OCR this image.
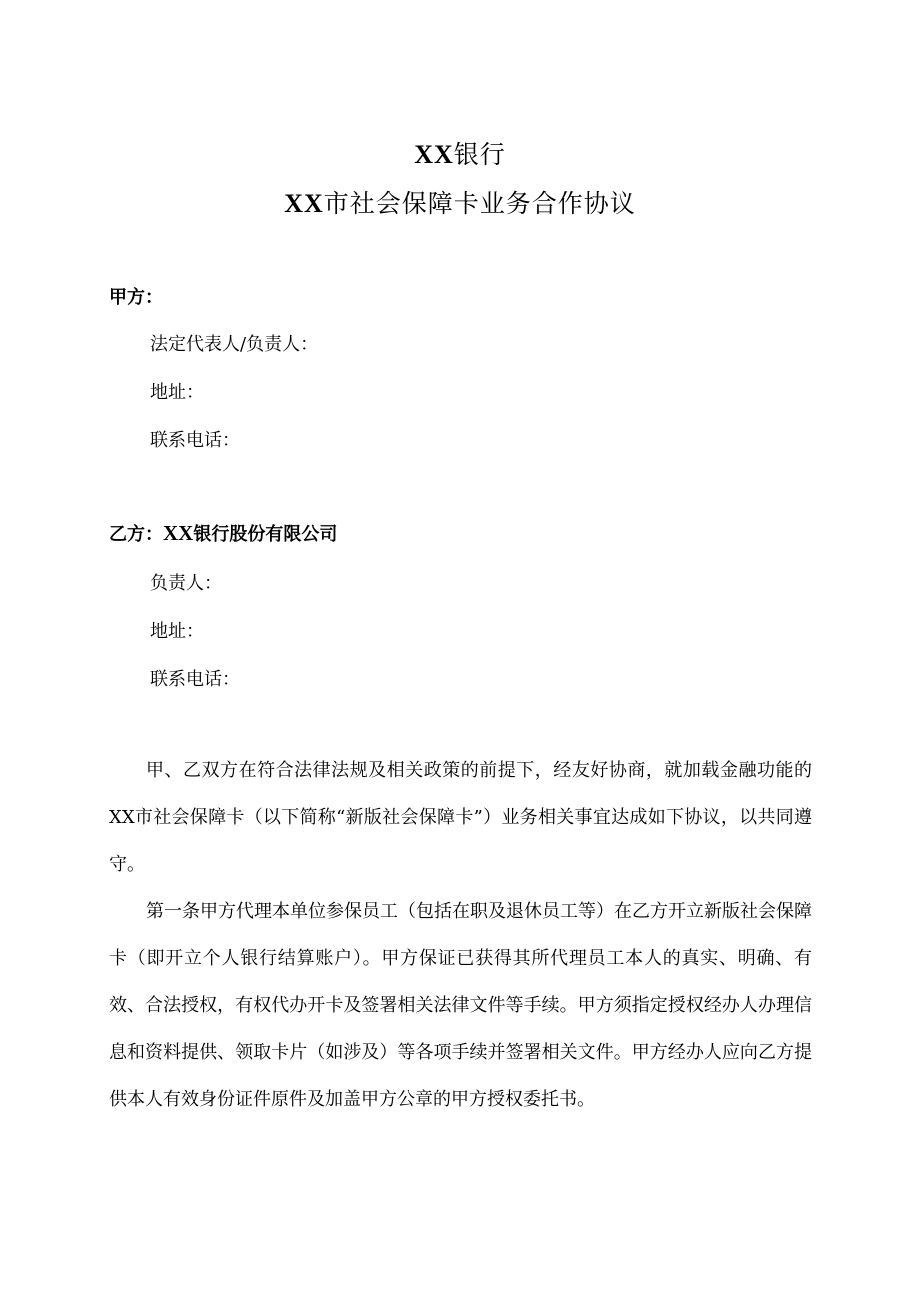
XX银行
XX市社会保障卡业务合作协议
甲方：
法定代表人/负责人：
地址：
联系电话：
乙方：XX银行股份有限公司
负责人：
地址：
联系电话：

甲、乙双方在符合法律法规及相关政策的前提下，经友好协商，就加载金融功能的XX市社会保障卡（以下简称“新版社会保障卡”）业务相关事宜达成如下协议，以共同遵守。

第一条甲方代理本单位参保员工（包括在职及退休员工等）在乙方开立新版社会保障卡（即开立个人银行结算账户）。甲方保证已获得其所代理员工本人的真实、明确、有效、合法授权，有权代办开卡及签署相关法律文件等手续。甲方须指定授权经办人办理信息和资料提供、领取卡片（如涉及）等各项手续并签署相关文件。甲方经办人应向乙方提供本人有效身份证件原件及加盖甲方公章的甲方授权委托书。
